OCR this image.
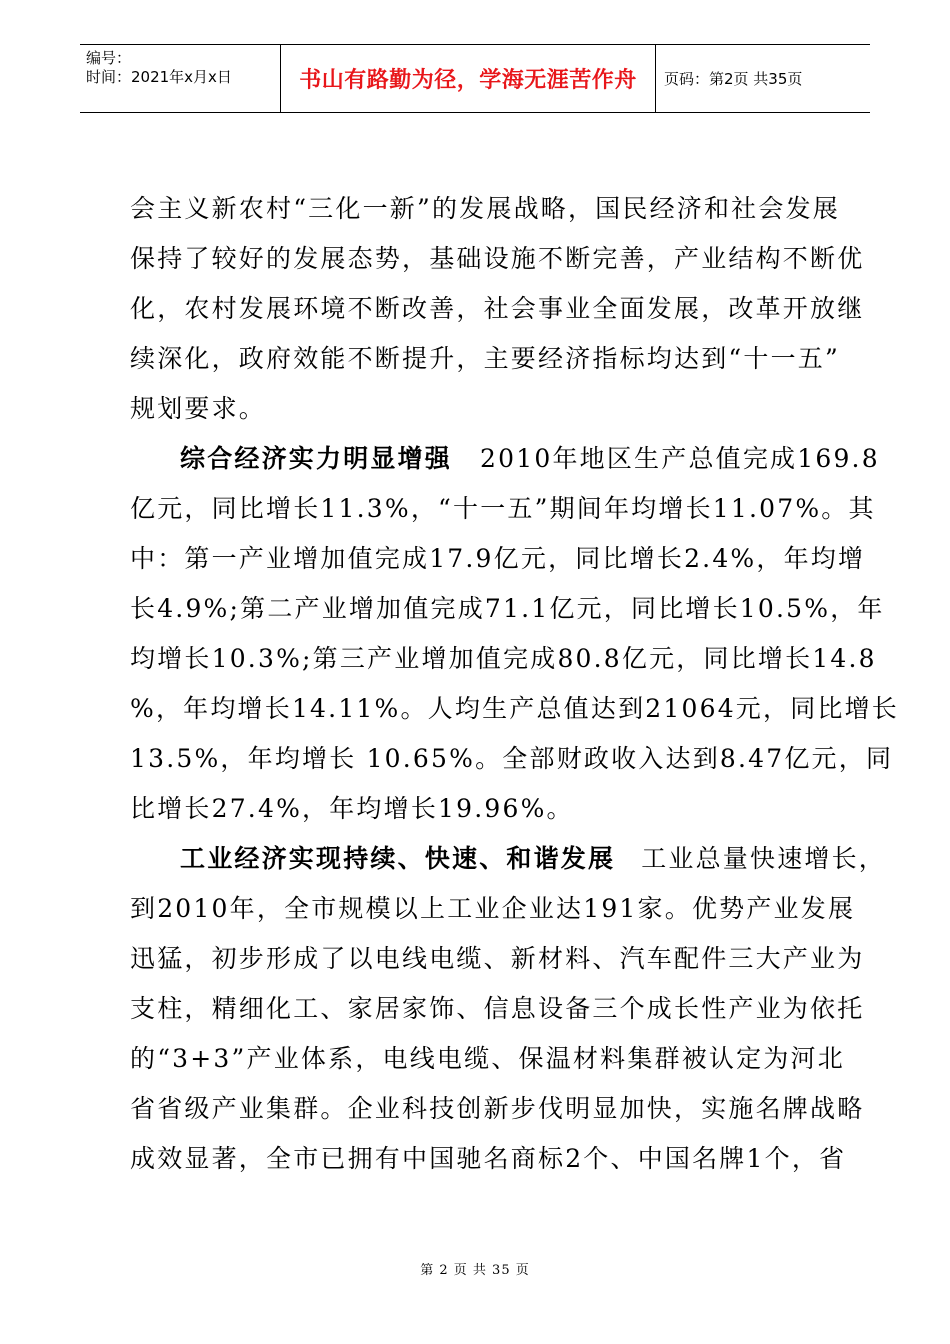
编号：
时间：2021年x月x日	书山有路勤为径，学海无涯苦作舟	页码：第2页 共35页
会主义新农村“三化一新”的发展战略，国民经济和社会发展
保持了较好的发展态势，基础设施不断完善，产业结构不断优
化，农村发展环境不断改善，社会事业全面发展，改革开放继
续深化，政府效能不断提升，主要经济指标均达到“十一五”
规划要求。
综合经济实力明显增强 2010年地区生产总值完成169.8
亿元，同比增长11.3%，“十一五”期间年均增长11.07%。其
中：第一产业增加值完成17.9亿元，同比增长2.4%，年均增
长4.9%;第二产业增加值完成71.1亿元，同比增长10.5%，年
均增长10.3%;第三产业增加值完成80.8亿元，同比增长14.8
%，年均增长14.11%。人均生产总值达到21064元，同比增长
13.5%，年均增长 10.65%。全部财政收入达到8.47亿元，同
比增长27.4%，年均增长19.96%。
工业经济实现持续、快速、和谐发展 工业总量快速增长，
到2010年，全市规模以上工业企业达191家。优势产业发展
迅猛，初步形成了以电线电缆、新材料、汽车配件三大产业为
支柱，精细化工、家居家饰、信息设备三个成长性产业为依托
的“3+3”产业体系，电线电缆、保温材料集群被认定为河北
省省级产业集群。企业科技创新步伐明显加快，实施名牌战略
成效显著，全市已拥有中国驰名商标2个、中国名牌1个，省
第 2 页 共 35 页
